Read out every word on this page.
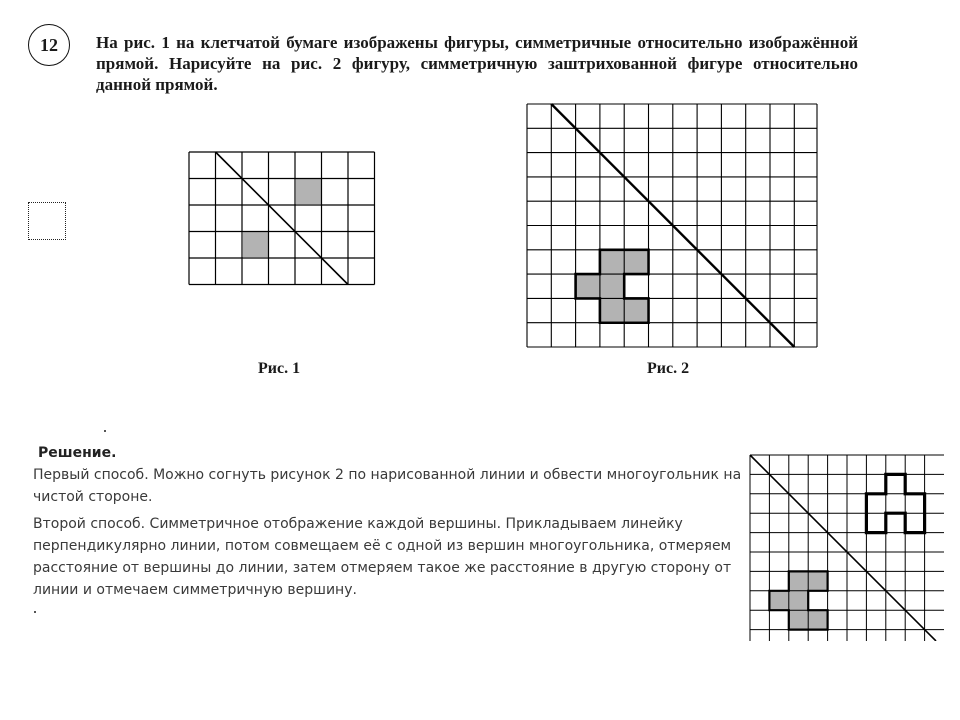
12 На рис. 1 на клетчатой бумаге изображены фигуры, симметричные относительно изображённой прямой. Нарисуйте на рис. 2 фигуру, симметричную заштрихованной фигуре относительно данной прямой.

Рис. 1	Рис. 2
Решение.

Первый способ. Можно согнуть рисунок 2 по нарисованной линии и обвести многоугольник на чистой стороне.

Второй способ. Симметричное отображение каждой вершины. Прикладываем линейку перпендикулярно линии, потом совмещаем её с одной из вершин многоугольника, отмеряем расстояние от вершины до линии, затем отмеряем такое же расстояние в другую сторону от линии и отмечаем симметричную вершину.
